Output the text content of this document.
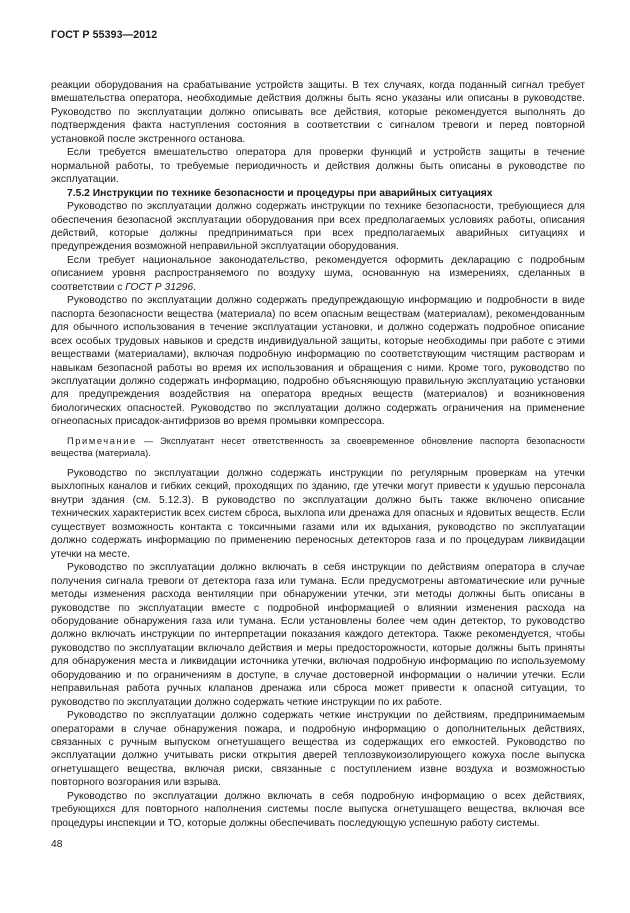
ГОСТ Р 55393—2012

реакции оборудования на срабатывание устройств защиты. В тех случаях, когда поданный сигнал требует вмешательства оператора, необходимые действия должны быть ясно указаны или описаны в руководстве. Руководство по эксплуатации должно описывать все действия, которые рекомендуется выполнять до подтверждения факта наступления состояния в соответствии с сигналом тревоги и перед повторной установкой после экстренного останова.

Если требуется вмешательство оператора для проверки функций и устройств защиты в течение нормальной работы, то требуемые периодичность и действия должны быть описаны в руководстве по эксплуатации.

7.5.2 Инструкции по технике безопасности и процедуры при аварийных ситуациях

Руководство по эксплуатации должно содержать инструкции по технике безопасности, требующиеся для обеспечения безопасной эксплуатации оборудования при всех предполагаемых условиях работы, описания действий, которые должны предприниматься при всех предполагаемых аварийных ситуациях и предупреждения возможной неправильной эксплуатации оборудования.

Если требует национальное законодательство, рекомендуется оформить декларацию с подробным описанием уровня распространяемого по воздуху шума, основанную на измерениях, сделанных в соответствии с ГОСТ Р 31296.

Руководство по эксплуатации должно содержать предупреждающую информацию и подробности в виде паспорта безопасности вещества (материала) по всем опасным веществам (материалам), рекомендованным для обычного использования в течение эксплуатации установки, и должно содержать подробное описание всех особых трудовых навыков и средств индивидуальной защиты, которые необходимы при работе с этими веществами (материалами), включая подробную информацию по соответствующим чистящим растворам и навыкам безопасной работы во время их использования и обращения с ними. Кроме того, руководство по эксплуатации должно содержать информацию, подробно объясняющую правильную эксплуатацию установки для предупреждения воздействия на оператора вредных веществ (материалов) и возникновения биологических опасностей. Руководство по эксплуатации должно содержать ограничения на применение огнеопасных присадок-антифризов во время промывки компрессора.

Примечание — Эксплуатант несет ответственность за своевременное обновление паспорта безопасности вещества (материала).

Руководство по эксплуатации должно содержать инструкции по регулярным проверкам на утечки выхлопных каналов и гибких секций, проходящих по зданию, где утечки могут привести к удушью персонала внутри здания (см. 5.12.3). В руководство по эксплуатации должно быть также включено описание технических характеристик всех систем сброса, выхлопа или дренажа для опасных и ядовитых веществ. Если существует возможность контакта с токсичными газами или их вдыхания, руководство по эксплуатации должно содержать информацию по применению переносных детекторов газа и по процедурам ликвидации утечки на месте.

Руководство по эксплуатации должно включать в себя инструкции по действиям оператора в случае получения сигнала тревоги от детектора газа или тумана. Если предусмотрены автоматические или ручные методы изменения расхода вентиляции при обнаружении утечки, эти методы должны быть описаны в руководстве по эксплуатации вместе с подробной информацией о влиянии изменения расхода на оборудование обнаружения газа или тумана. Если установлены более чем один детектор, то руководство должно включать инструкции по интерпретации показания каждого детектора. Также рекомендуется, чтобы руководство по эксплуатации включало действия и меры предосторожности, которые должны быть приняты для обнаружения места и ликвидации источника утечки, включая подробную информацию по используемому оборудованию и по ограничениям в доступе, в случае достоверной информации о наличии утечки. Если неправильная работа ручных клапанов дренажа или сброса может привести к опасной ситуации, то руководство по эксплуатации должно содержать четкие инструкции по их работе.

Руководство по эксплуатации должно содержать четкие инструкции по действиям, предпринимаемым операторами в случае обнаружения пожара, и подробную информацию о дополнительных действиях, связанных с ручным выпуском огнетушащего вещества из содержащих его емкостей. Руководство по эксплуатации должно учитывать риски открытия дверей теплозвукоизолирующего кожуха после выпуска огнетушащего вещества, включая риски, связанные с поступлением извне воздуха и возможностью повторного возгорания или взрыва.

Руководство по эксплуатации должно включать в себя подробную информацию о всех действиях, требующихся для повторного наполнения системы после выпуска огнетушащего вещества, включая все процедуры инспекции и ТО, которые должны обеспечивать последующую успешную работу системы.

48
